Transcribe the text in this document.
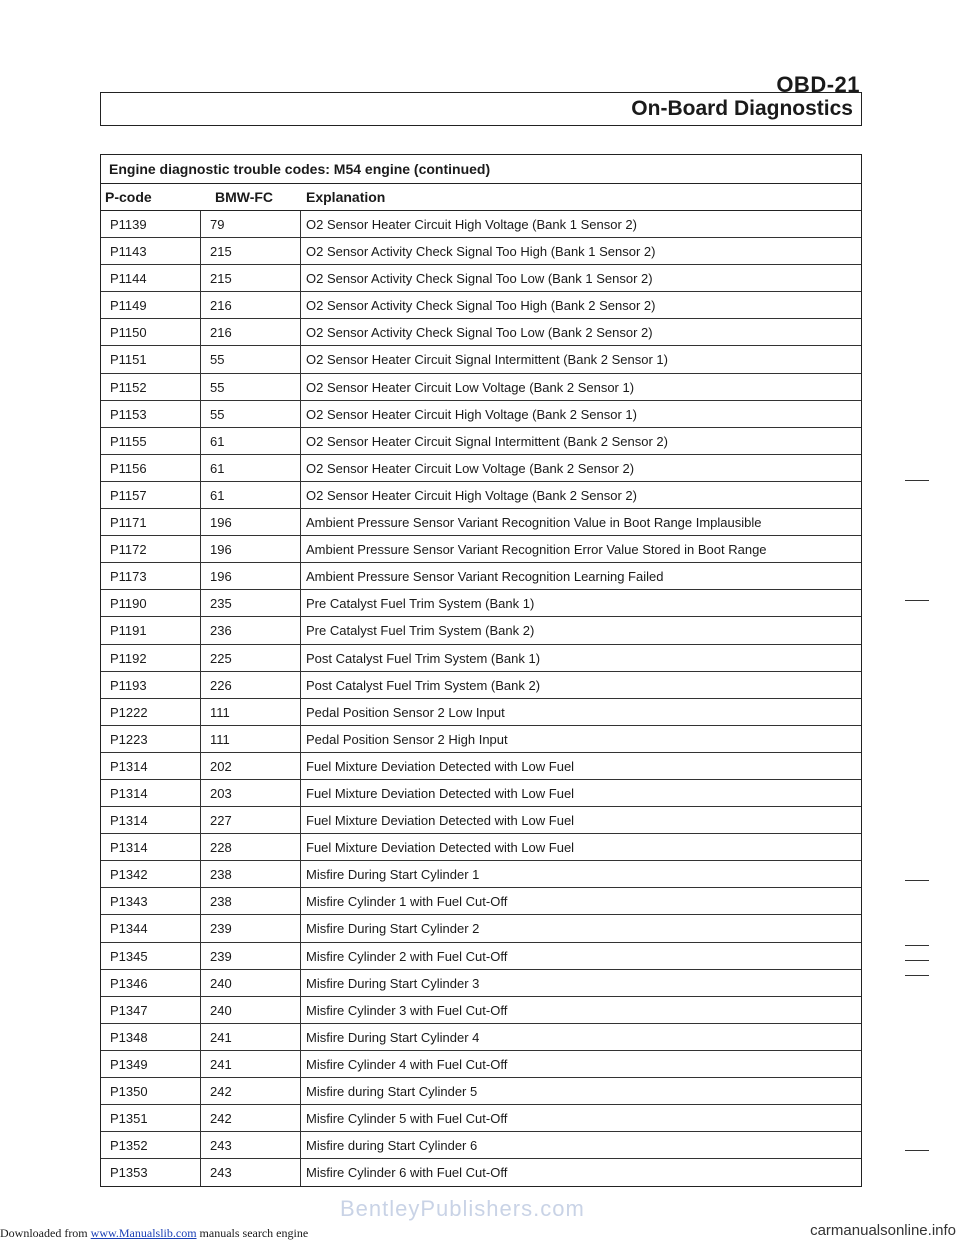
OBD-21
On-Board Diagnostics
Engine diagnostic trouble codes: M54 engine (continued)
P-code	BMW-FC	Explanation
P1139	79	O2 Sensor Heater Circuit High Voltage (Bank 1 Sensor 2)
P1143	215	O2 Sensor Activity Check Signal Too High (Bank 1 Sensor 2)
P1144	215	O2 Sensor Activity Check Signal Too Low (Bank 1 Sensor 2)
P1149	216	O2 Sensor Activity Check Signal Too High (Bank 2 Sensor 2)
P1150	216	O2 Sensor Activity Check Signal Too Low (Bank 2 Sensor 2)
P1151	55	O2 Sensor Heater Circuit Signal Intermittent (Bank 2 Sensor 1)
P1152	55	O2 Sensor Heater Circuit Low Voltage (Bank 2 Sensor 1)
P1153	55	O2 Sensor Heater Circuit High Voltage (Bank 2 Sensor 1)
P1155	61	O2 Sensor Heater Circuit Signal Intermittent (Bank 2 Sensor 2)
P1156	61	O2 Sensor Heater Circuit Low Voltage (Bank 2 Sensor 2)
P1157	61	O2 Sensor Heater Circuit High Voltage (Bank 2 Sensor 2)
P1171	196	Ambient Pressure Sensor Variant Recognition Value in Boot Range Implausible
P1172	196	Ambient Pressure Sensor Variant Recognition Error Value Stored in Boot Range
P1173	196	Ambient Pressure Sensor Variant Recognition Learning Failed
P1190	235	Pre Catalyst Fuel Trim System (Bank 1)
P1191	236	Pre Catalyst Fuel Trim System (Bank 2)
P1192	225	Post Catalyst Fuel Trim System (Bank 1)
P1193	226	Post Catalyst Fuel Trim System (Bank 2)
P1222	111	Pedal Position Sensor 2 Low Input
P1223	111	Pedal Position Sensor 2 High Input
P1314	202	Fuel Mixture Deviation Detected with Low Fuel
P1314	203	Fuel Mixture Deviation Detected with Low Fuel
P1314	227	Fuel Mixture Deviation Detected with Low Fuel
P1314	228	Fuel Mixture Deviation Detected with Low Fuel
P1342	238	Misfire During Start Cylinder 1
P1343	238	Misfire Cylinder 1 with Fuel Cut-Off
P1344	239	Misfire During Start Cylinder 2
P1345	239	Misfire Cylinder 2 with Fuel Cut-Off
P1346	240	Misfire During Start Cylinder 3
P1347	240	Misfire Cylinder 3 with Fuel Cut-Off
P1348	241	Misfire During Start Cylinder 4
P1349	241	Misfire Cylinder 4 with Fuel Cut-Off
P1350	242	Misfire during Start Cylinder 5
P1351	242	Misfire Cylinder 5 with Fuel Cut-Off
P1352	243	Misfire during Start Cylinder 6
P1353	243	Misfire Cylinder 6 with Fuel Cut-Off
BentleyPublishers.com
Downloaded from www.Manualslib.com manuals search engine	carmanualsonline.info
